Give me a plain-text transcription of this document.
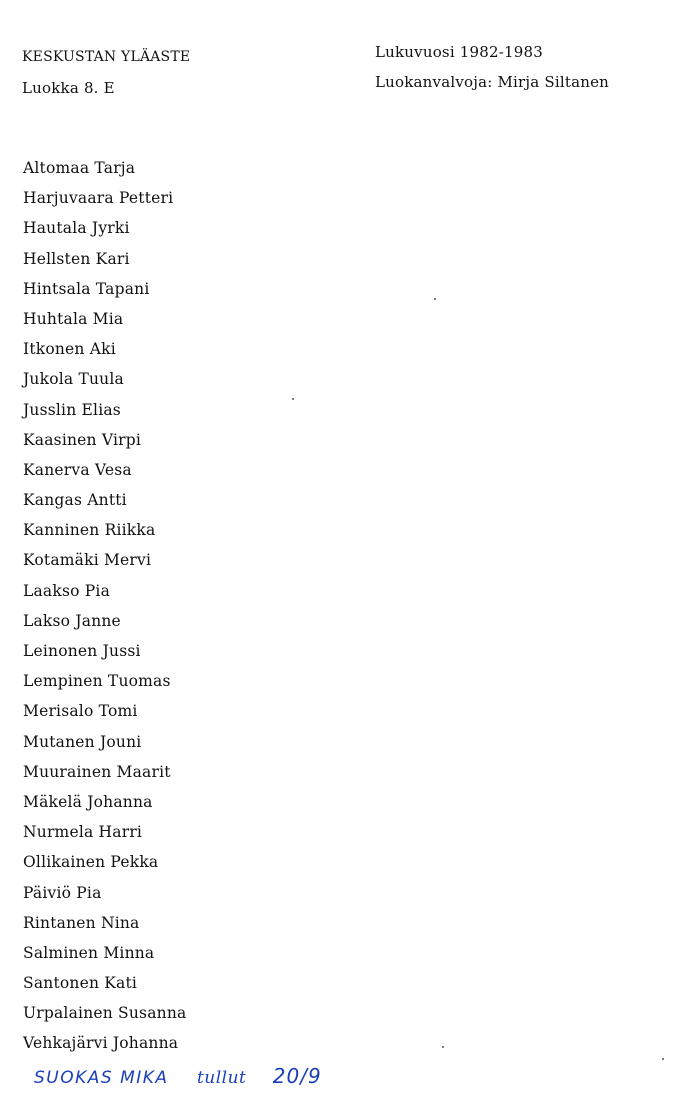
KESKUSTAN YLÄASTE
Luokka 8. E
Lukuvuosi 1982-1983
Luokanvalvoja: Mirja Siltanen
Altomaa Tarja
Harjuvaara Petteri
Hautala Jyrki
Hellsten Kari
Hintsala Tapani
Huhtala Mia
Itkonen Aki
Jukola Tuula
Jusslin Elias
Kaasinen Virpi
Kanerva Vesa
Kangas Antti
Kanninen Riikka
Kotamäki Mervi
Laakso Pia
Lakso Janne
Leinonen Jussi
Lempinen Tuomas
Merisalo Tomi
Mutanen Jouni
Muurainen Maarit
Mäkelä Johanna
Nurmela Harri
Ollikainen Pekka
Päiviö Pia
Rintanen Nina
Salminen Minna
Santonen Kati
Urpalainen Susanna
Vehkajärvi Johanna
SUOKAS MIKA tullut 20/9
